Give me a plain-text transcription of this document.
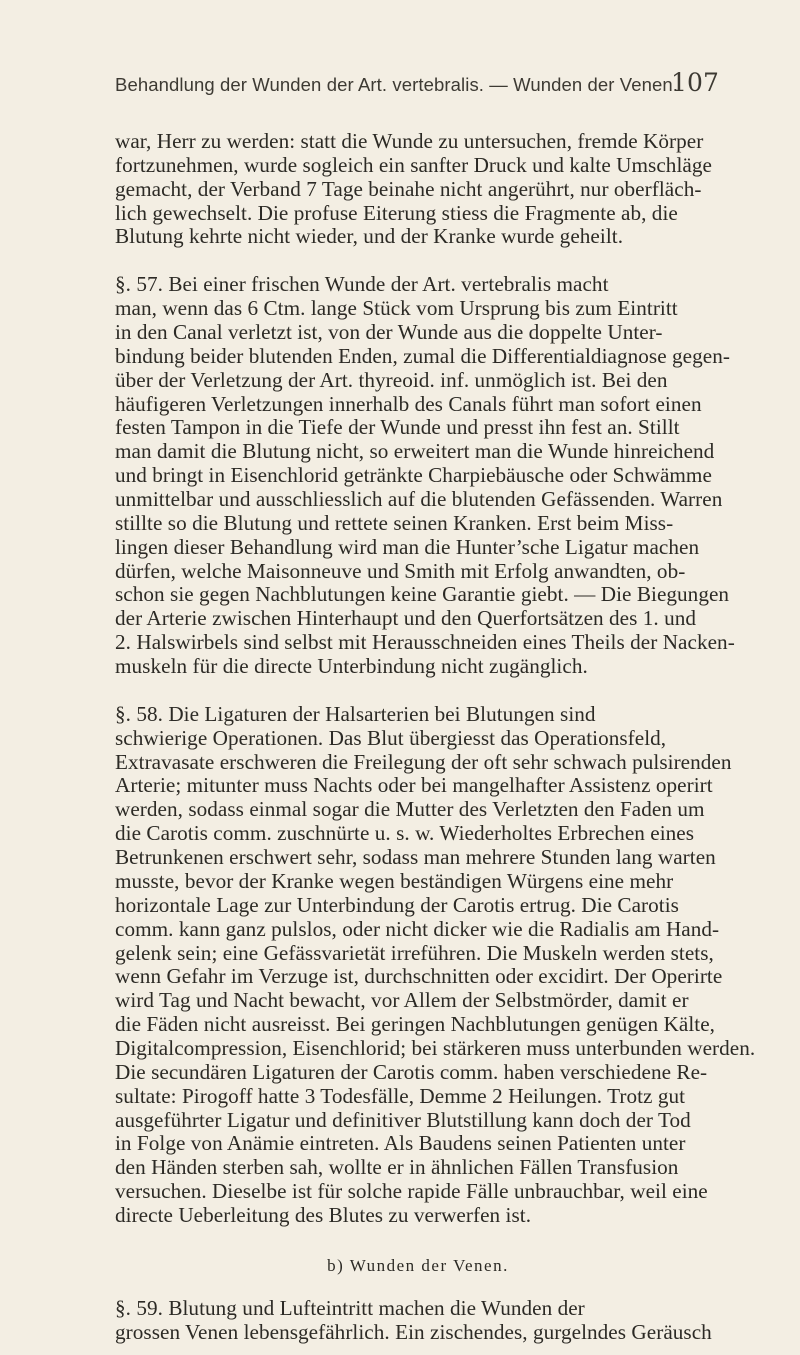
Behandlung der Wunden der Art. vertebralis. — Wunden der Venen.
107

war, Herr zu werden: statt die Wunde zu untersuchen, fremde Körper
fortzunehmen, wurde sogleich ein sanfter Druck und kalte Umschläge
gemacht, der Verband 7 Tage beinahe nicht angerührt, nur oberfläch-
lich gewechselt. Die profuse Eiterung stiess die Fragmente ab, die
Blutung kehrte nicht wieder, und der Kranke wurde geheilt.

§. 57. Bei einer frischen Wunde der Art. vertebralis macht
man, wenn das 6 Ctm. lange Stück vom Ursprung bis zum Eintritt
in den Canal verletzt ist, von der Wunde aus die doppelte Unter-
bindung beider blutenden Enden, zumal die Differentialdiagnose gegen-
über der Verletzung der Art. thyreoid. inf. unmöglich ist. Bei den
häufigeren Verletzungen innerhalb des Canals führt man sofort einen
festen Tampon in die Tiefe der Wunde und presst ihn fest an. Stillt
man damit die Blutung nicht, so erweitert man die Wunde hinreichend
und bringt in Eisenchlorid getränkte Charpiebäusche oder Schwämme
unmittelbar und ausschliesslich auf die blutenden Gefässenden. Warren
stillte so die Blutung und rettete seinen Kranken. Erst beim Miss-
lingen dieser Behandlung wird man die Hunter’sche Ligatur machen
dürfen, welche Maisonneuve und Smith mit Erfolg anwandten, ob-
schon sie gegen Nachblutungen keine Garantie giebt. — Die Biegungen
der Arterie zwischen Hinterhaupt und den Querfortsätzen des 1. und
2. Halswirbels sind selbst mit Herausschneiden eines Theils der Nacken-
muskeln für die directe Unterbindung nicht zugänglich.

§. 58. Die Ligaturen der Halsarterien bei Blutungen sind
schwierige Operationen. Das Blut übergiesst das Operationsfeld,
Extravasate erschweren die Freilegung der oft sehr schwach pulsirenden
Arterie; mitunter muss Nachts oder bei mangelhafter Assistenz operirt
werden, sodass einmal sogar die Mutter des Verletzten den Faden um
die Carotis comm. zuschnürte u. s. w. Wiederholtes Erbrechen eines
Betrunkenen erschwert sehr, sodass man mehrere Stunden lang warten
musste, bevor der Kranke wegen beständigen Würgens eine mehr
horizontale Lage zur Unterbindung der Carotis ertrug. Die Carotis
comm. kann ganz pulslos, oder nicht dicker wie die Radialis am Hand-
gelenk sein; eine Gefässvarietät irreführen. Die Muskeln werden stets,
wenn Gefahr im Verzuge ist, durchschnitten oder excidirt. Der Operirte
wird Tag und Nacht bewacht, vor Allem der Selbstmörder, damit er
die Fäden nicht ausreisst. Bei geringen Nachblutungen genügen Kälte,
Digitalcompression, Eisenchlorid; bei stärkeren muss unterbunden werden.
Die secundären Ligaturen der Carotis comm. haben verschiedene Re-
sultate: Pirogoff hatte 3 Todesfälle, Demme 2 Heilungen. Trotz gut
ausgeführter Ligatur und definitiver Blutstillung kann doch der Tod
in Folge von Anämie eintreten. Als Baudens seinen Patienten unter
den Händen sterben sah, wollte er in ähnlichen Fällen Transfusion
versuchen. Dieselbe ist für solche rapide Fälle unbrauchbar, weil eine
directe Ueberleitung des Blutes zu verwerfen ist.

b) Wunden der Venen.

§. 59. Blutung und Lufteintritt machen die Wunden der
grossen Venen lebensgefährlich. Ein zischendes, gurgelndes Geräusch
